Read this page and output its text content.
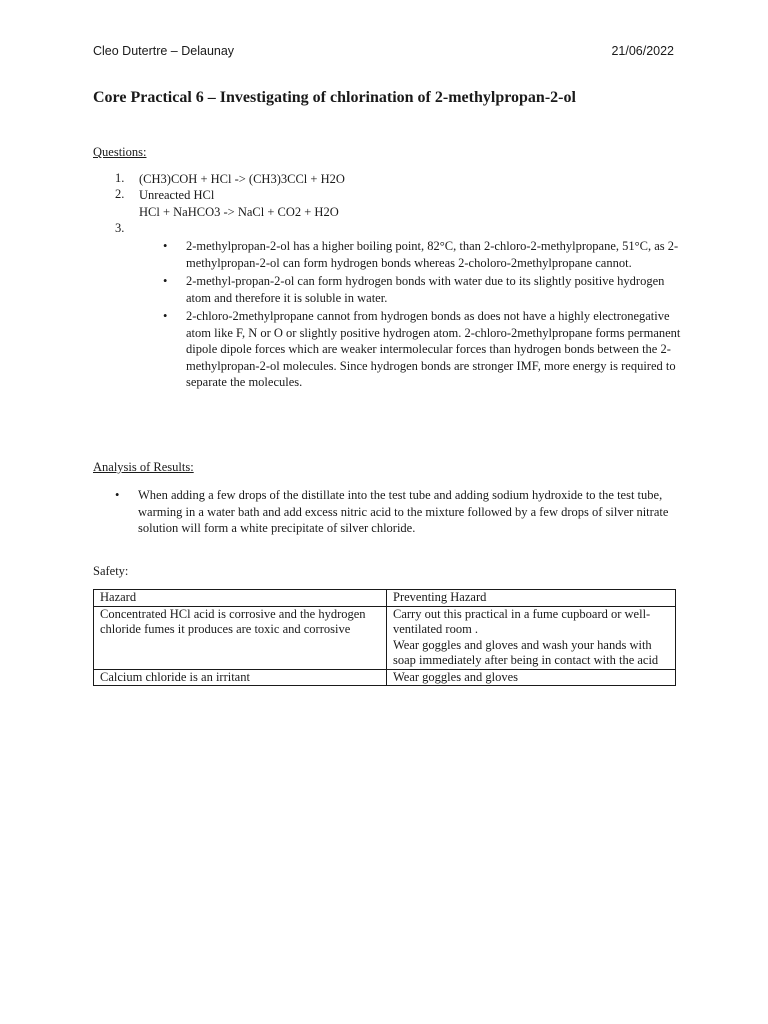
Cleo Dutertre – Delaunay	21/06/2022
Core Practical 6 – Investigating of chlorination of 2-methylpropan-2-ol
Questions:
1. (CH3)COH + HCl -> (CH3)3CCl + H2O
2. Unreacted HCl
HCl + NaHCO3 -> NaCl + CO2 + H2O
3.
• 2-methylpropan-2-ol has a higher boiling point, 82°C, than 2-chloro-2-methylpropane, 51°C, as 2-methylpropan-2-ol can form hydrogen bonds whereas 2-choloro-2methylpropane cannot.
• 2-methyl-propan-2-ol can form hydrogen bonds with water due to its slightly positive hydrogen atom and therefore it is soluble in water.
• 2-chloro-2methylpropane cannot from hydrogen bonds as does not have a highly electronegative atom like F, N or O or slightly positive hydrogen atom. 2-chloro-2methylpropane forms permanent dipole dipole forces which are weaker intermolecular forces than hydrogen bonds between the 2-methylpropan-2-ol molecules. Since hydrogen bonds are stronger IMF, more energy is required to separate the molecules.
Analysis of Results:
• When adding a few drops of the distillate into the test tube and adding sodium hydroxide to the test tube, warming in a water bath and add excess nitric acid to the mixture followed by a few drops of silver nitrate solution will form a white precipitate of silver chloride.
Safety:
Hazard	Preventing Hazard
Concentrated HCl acid is corrosive and the hydrogen chloride fumes it produces are toxic and corrosive	Carry out this practical in a fume cupboard or well-ventilated room .
Wear goggles and gloves and wash your hands with soap immediately after being in contact with the acid
Calcium chloride is an irritant	Wear goggles and gloves
